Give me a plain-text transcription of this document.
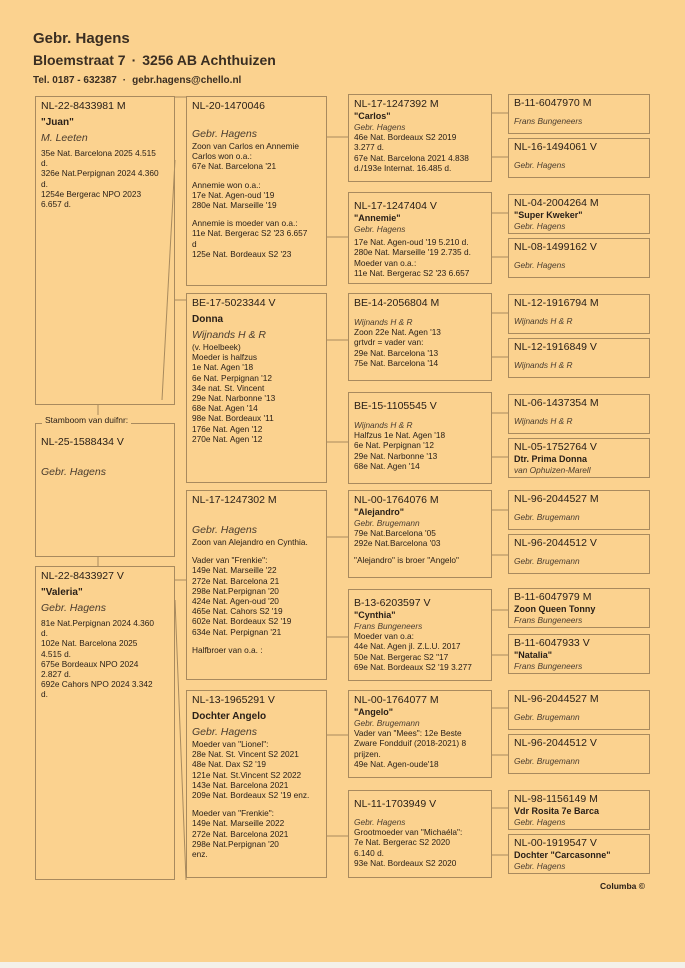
Gebr. Hagens
Bloemstraat 7 · 3256 AB Achthuizen
Tel. 0187 - 632387 · gebr.hagens@chello.nl
NL-22-8433981 M
"Juan"
M. Leeten
35e Nat. Barcelona 2025 4.515
d.
326e Nat.Perpignan 2024 4.360
d.
1254e Bergerac NPO 2023
6.657 d.
NL-25-1588434 V
Gebr. Hagens
Stamboom van duifnr:
NL-22-8433927 V
"Valeria"
Gebr. Hagens
81e Nat.Perpignan 2024 4.360
d.
102e Nat. Barcelona 2025
4.515 d.
675e Bordeaux NPO 2024
2.827 d.
692e Cahors NPO 2024 3.342
d.
NL-20-1470046
Gebr. Hagens
Zoon van Carlos en Annemie
Carlos won o.a.:
67e Nat. Barcelona '21
Annemie won o.a.:
17e Nat. Agen-oud '19
280e Nat. Marseille '19
Annemie is moeder van o.a.:
11e Nat. Bergerac S2 '23 6.657
d
125e Nat. Bordeaux S2 '23
BE-17-5023344 V
Donna
Wijnands H & R
(v. Hoelbeek)
Moeder is halfzus
1e Nat. Agen '18
6e Nat. Perpignan '12
34e nat. St. Vincent
29e Nat. Narbonne '13
68e Nat. Agen '14
98e Nat. Bordeaux '11
176e Nat. Agen '12
270e Nat. Agen '12
NL-17-1247302 M
Gebr. Hagens
Zoon van Alejandro en Cynthia.
Vader van "Frenkie":
149e Nat. Marseille '22
272e Nat. Barcelona 21
298e Nat.Perpignan '20
424e Nat. Agen-oud '20
465e Nat. Cahors S2 '19
602e Nat. Bordeaux S2 '19
634e Nat. Perpignan '21
Halfbroer van o.a. :
NL-13-1965291 V
Dochter Angelo
Gebr. Hagens
Moeder van "Lionel":
28e Nat. St. Vincent S2 2021
48e Nat. Dax S2 '19
121e Nat. St.Vincent S2 2022
143e Nat. Barcelona 2021
209e Nat. Bordeaux S2 '19 enz.
Moeder van "Frenkie":
149e Nat. Marseille 2022
272e Nat. Barcelona 2021
298e Nat.Perpignan '20
enz.
NL-17-1247392 M
"Carlos"
Gebr. Hagens
46e Nat. Bordeaux S2 2019
3.277 d.
67e Nat. Barcelona 2021 4.838
d./193e Internat. 16.485 d.
NL-17-1247404 V
"Annemie"
Gebr. Hagens
17e Nat. Agen-oud '19 5.210 d.
280e Nat. Marseille '19 2.735 d.
Moeder van o.a.:
11e Nat. Bergerac S2 '23 6.657
BE-14-2056804 M
Wijnands H & R
Zoon 22e Nat. Agen '13
grtvdr = vader van:
29e Nat. Barcelona '13
75e Nat. Barcelona '14
BE-15-1105545 V
Wijnands H & R
Halfzus 1e Nat. Agen '18
6e Nat. Perpignan '12
29e Nat. Narbonne '13
68e Nat. Agen '14
NL-00-1764076 M
"Alejandro"
Gebr. Brugemann
79e Nat.Barcelona '05
292e Nat.Barcelona '03
"Alejandro" is broer "Angelo"
B-13-6203597 V
"Cynthia"
Frans Bungeneers
Moeder van o.a:
44e Nat. Agen jl. Z.L.U. 2017
50e Nat. Bergerac S2 "17
69e Nat. Bordeaux S2 '19 3.277
NL-00-1764077 M
"Angelo"
Gebr. Brugemann
Vader van "Mees": 12e Beste
Zware Fondduif (2018-2021) 8
prijzen.
49e Nat. Agen-oude'18
NL-11-1703949 V
Gebr. Hagens
Grootmoeder van "Michaéla":
7e Nat. Bergerac S2 2020
6.140 d.
93e Nat. Bordeaux S2 2020
B-11-6047970 M
Frans Bungeneers
NL-16-1494061 V
Gebr. Hagens
NL-04-2004264 M
"Super Kweker"
Gebr. Hagens
NL-08-1499162 V
Gebr. Hagens
NL-12-1916794 M
Wijnands H & R
NL-12-1916849 V
Wijnands H & R
NL-06-1437354 M
Wijnands H & R
NL-05-1752764 V
Dtr. Prima Donna
van Ophuizen-Marell
NL-96-2044527 M
Gebr. Brugemann
NL-96-2044512 V
Gebr. Brugemann
B-11-6047979 M
Zoon Queen Tonny
Frans Bungeneers
B-11-6047933 V
"Natalia"
Frans Bungeneers
NL-96-2044527 M
Gebr. Brugemann
NL-96-2044512 V
Gebr. Brugemann
NL-98-1156149 M
Vdr Rosita 7e Barca
Gebr. Hagens
NL-00-1919547 V
Dochter "Carcasonne"
Gebr. Hagens
Columba ©
